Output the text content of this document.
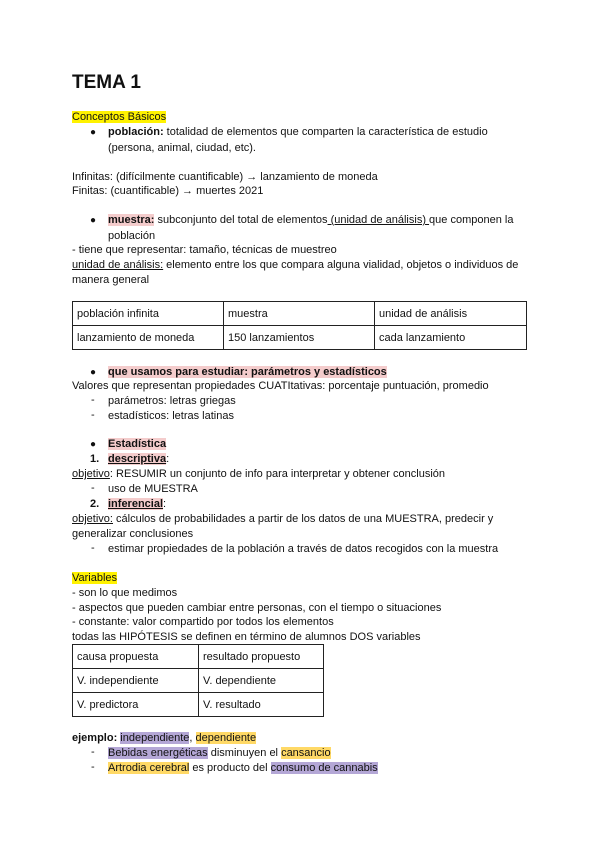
TEMA 1
Conceptos Básicos
● población: totalidad de elementos que comparten la característica de estudio
(persona, animal, ciudad, etc).
Infinitas: (difícilmente cuantificable) → lanzamiento de moneda
Finitas: (cuantificable) → muertes 2021
● muestra: subconjunto del total de elementos (unidad de análisis) que componen la
población
- tiene que representar: tamaño, técnicas de muestreo
unidad de análisis: elemento entre los que compara alguna vialidad, objetos o individuos de
manera general
población infinita	muestra	unidad de análisis
lanzamiento de moneda	150 lanzamientos	cada lanzamiento
● que usamos para estudiar: parámetros y estadísticos
Valores que representan propiedades CUATItativas: porcentaje puntuación, promedio
- parámetros: letras griegas
- estadísticos: letras latinas
● Estadística
1. descriptiva:
objetivo: RESUMIR un conjunto de info para interpretar y obtener conclusión
- uso de MUESTRA
2. inferencial:
objetivo: cálculos de probabilidades a partir de los datos de una MUESTRA, predecir y
generalizar conclusiones
- estimar propiedades de la población a través de datos recogidos con la muestra
Variables
- son lo que medimos
- aspectos que pueden cambiar entre personas, con el tiempo o situaciones
- constante: valor compartido por todos los elementos
todas las HIPÓTESIS se definen en término de alumnos DOS variables
causa propuesta	resultado propuesto
V. independiente	V. dependiente
V. predictora	V. resultado
ejemplo: independiente, dependiente
- Bebidas energéticas disminuyen el cansancio
- Artrodia cerebral es producto del consumo de cannabis
